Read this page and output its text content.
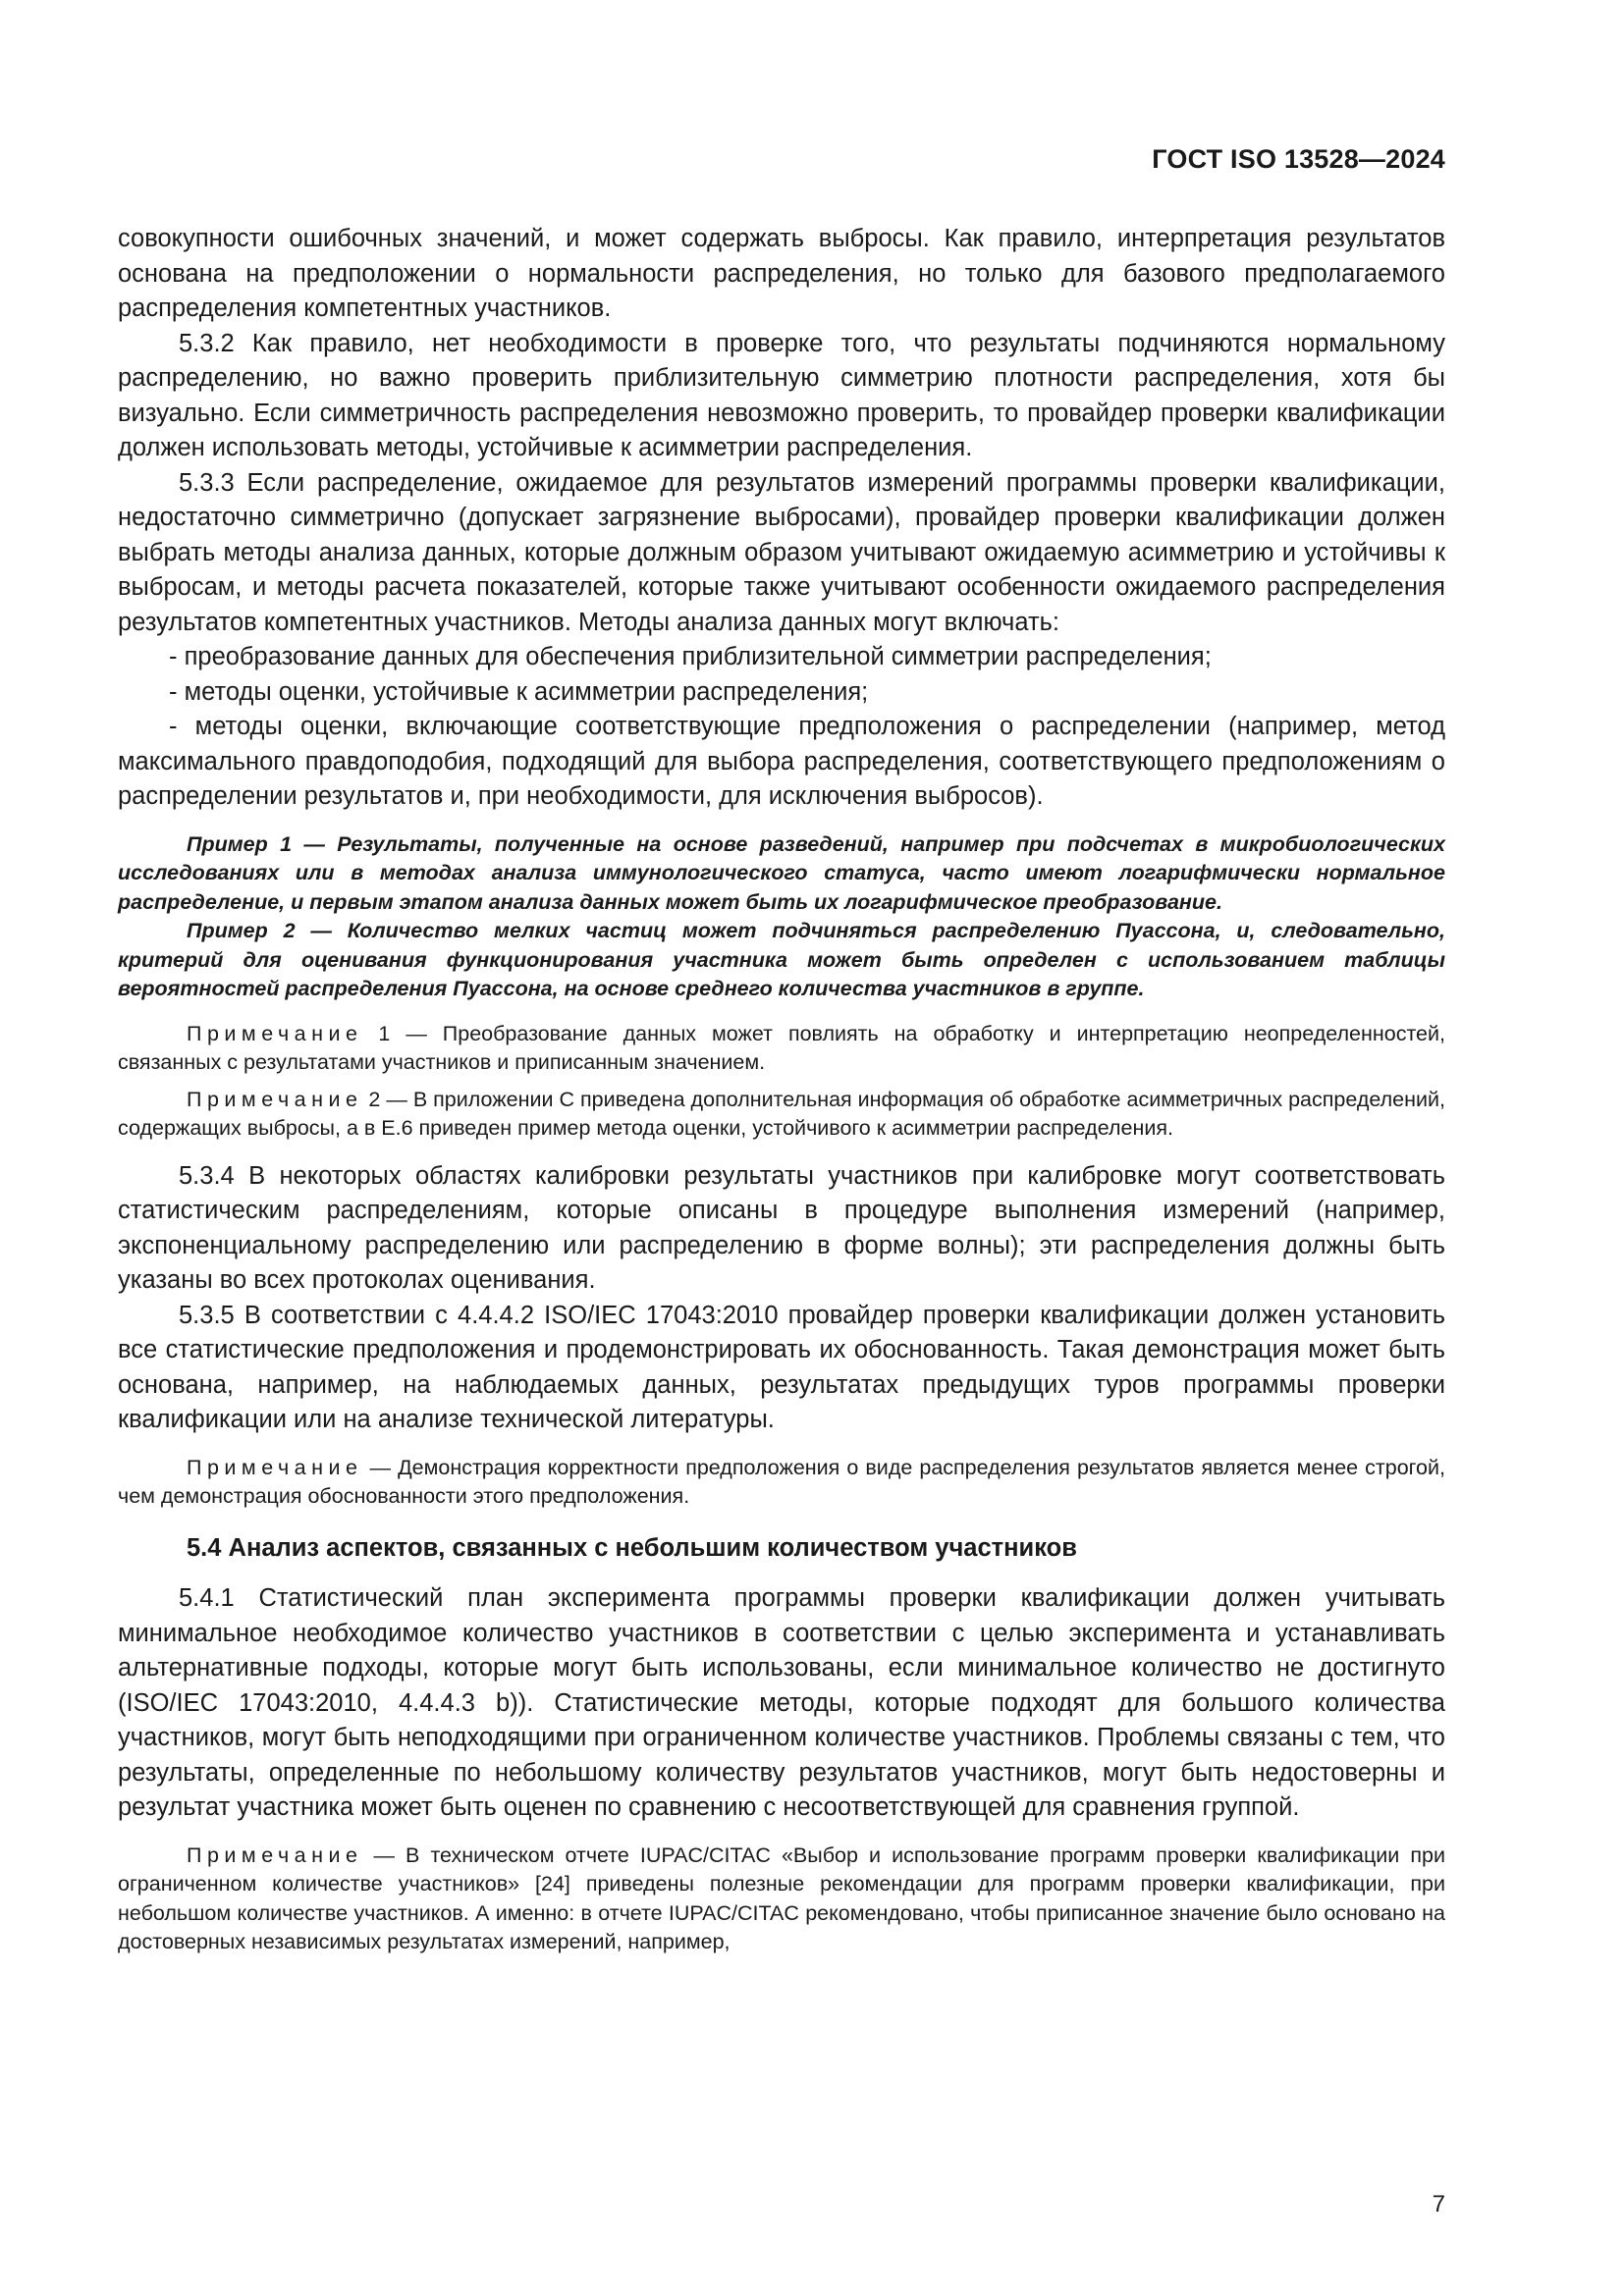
ГОСТ ISO 13528—2024

совокупности ошибочных значений, и может содержать выбросы. Как правило, интерпретация результатов основана на предположении о нормальности распределения, но только для базового предполагаемого распределения компетентных участников.

5.3.2 Как правило, нет необходимости в проверке того, что результаты подчиняются нормальному распределению, но важно проверить приблизительную симметрию плотности распределения, хотя бы визуально. Если симметричность распределения невозможно проверить, то провайдер проверки квалификации должен использовать методы, устойчивые к асимметрии распределения.

5.3.3 Если распределение, ожидаемое для результатов измерений программы проверки квалификации, недостаточно симметрично (допускает загрязнение выбросами), провайдер проверки квалификации должен выбрать методы анализа данных, которые должным образом учитывают ожидаемую асимметрию и устойчивы к выбросам, и методы расчета показателей, которые также учитывают особенности ожидаемого распределения результатов компетентных участников. Методы анализа данных могут включать:

- преобразование данных для обеспечения приблизительной симметрии распределения;

- методы оценки, устойчивые к асимметрии распределения;

- методы оценки, включающие соответствующие предположения о распределении (например, метод максимального правдоподобия, подходящий для выбора распределения, соответствующего предположениям о распределении результатов и, при необходимости, для исключения выбросов).

Пример 1 — Результаты, полученные на основе разведений, например при подсчетах в микробиологических исследованиях или в методах анализа иммунологического статуса, часто имеют логарифмически нормальное распределение, и первым этапом анализа данных может быть их логарифмическое преобразование.

Пример 2 — Количество мелких частиц может подчиняться распределению Пуассона, и, следовательно, критерий для оценивания функционирования участника может быть определен с использованием таблицы вероятностей распределения Пуассона, на основе среднего количества участников в группе.

Примечание 1 — Преобразование данных может повлиять на обработку и интерпретацию неопределенностей, связанных с результатами участников и приписанным значением.

Примечание 2 — В приложении С приведена дополнительная информация об обработке асимметричных распределений, содержащих выбросы, а в Е.6 приведен пример метода оценки, устойчивого к асимметрии распределения.

5.3.4 В некоторых областях калибровки результаты участников при калибровке могут соответствовать статистическим распределениям, которые описаны в процедуре выполнения измерений (например, экспоненциальному распределению или распределению в форме волны); эти распределения должны быть указаны во всех протоколах оценивания.

5.3.5 В соответствии с 4.4.4.2 ISO/IEC 17043:2010 провайдер проверки квалификации должен установить все статистические предположения и продемонстрировать их обоснованность. Такая демонстрация может быть основана, например, на наблюдаемых данных, результатах предыдущих туров программы проверки квалификации или на анализе технической литературы.

Примечание — Демонстрация корректности предположения о виде распределения результатов является менее строгой, чем демонстрация обоснованности этого предположения.

5.4 Анализ аспектов, связанных с небольшим количеством участников

5.4.1 Статистический план эксперимента программы проверки квалификации должен учитывать минимальное необходимое количество участников в соответствии с целью эксперимента и устанавливать альтернативные подходы, которые могут быть использованы, если минимальное количество не достигнуто (ISO/IEC 17043:2010, 4.4.4.3 b)). Статистические методы, которые подходят для большого количества участников, могут быть неподходящими при ограниченном количестве участников. Проблемы связаны с тем, что результаты, определенные по небольшому количеству результатов участников, могут быть недостоверны и результат участника может быть оценен по сравнению с несоответствующей для сравнения группой.

Примечание — В техническом отчете IUPAC/CITAC «Выбор и использование программ проверки квалификации при ограниченном количестве участников» [24] приведены полезные рекомендации для программ проверки квалификации, при небольшом количестве участников. А именно: в отчете IUPAC/CITAC рекомендовано, чтобы приписанное значение было основано на достоверных независимых результатах измерений, например,

7
